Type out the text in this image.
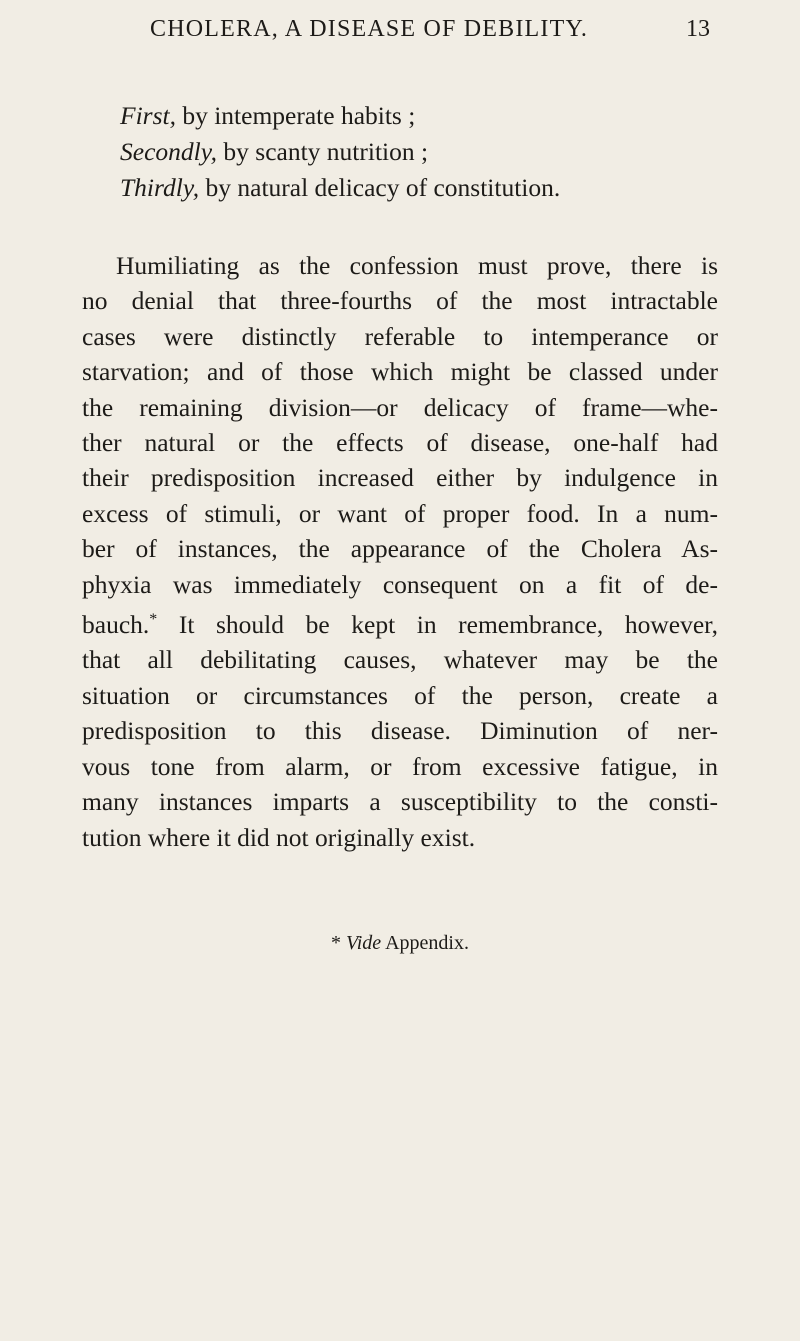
CHOLERA, A DISEASE OF DEBILITY.	13
First, by intemperate habits ;
Secondly, by scanty nutrition ;
Thirdly, by natural delicacy of constitution.
Humiliating as the confession must prove, there is
no denial that three-fourths of the most intractable
cases were distinctly referable to intemperance or
starvation; and of those which might be classed under
the remaining division—or delicacy of frame—whe-
ther natural or the effects of disease, one-half had
their predisposition increased either by indulgence in
excess of stimuli, or want of proper food. In a num-
ber of instances, the appearance of the Cholera As-
phyxia was immediately consequent on a fit of de-
bauch.* It should be kept in remembrance, however,
that all debilitating causes, whatever may be the
situation or circumstances of the person, create a
predisposition to this disease. Diminution of ner-
vous tone from alarm, or from excessive fatigue, in
many instances imparts a susceptibility to the consti-
tution where it did not originally exist.
* Vide Appendix.
